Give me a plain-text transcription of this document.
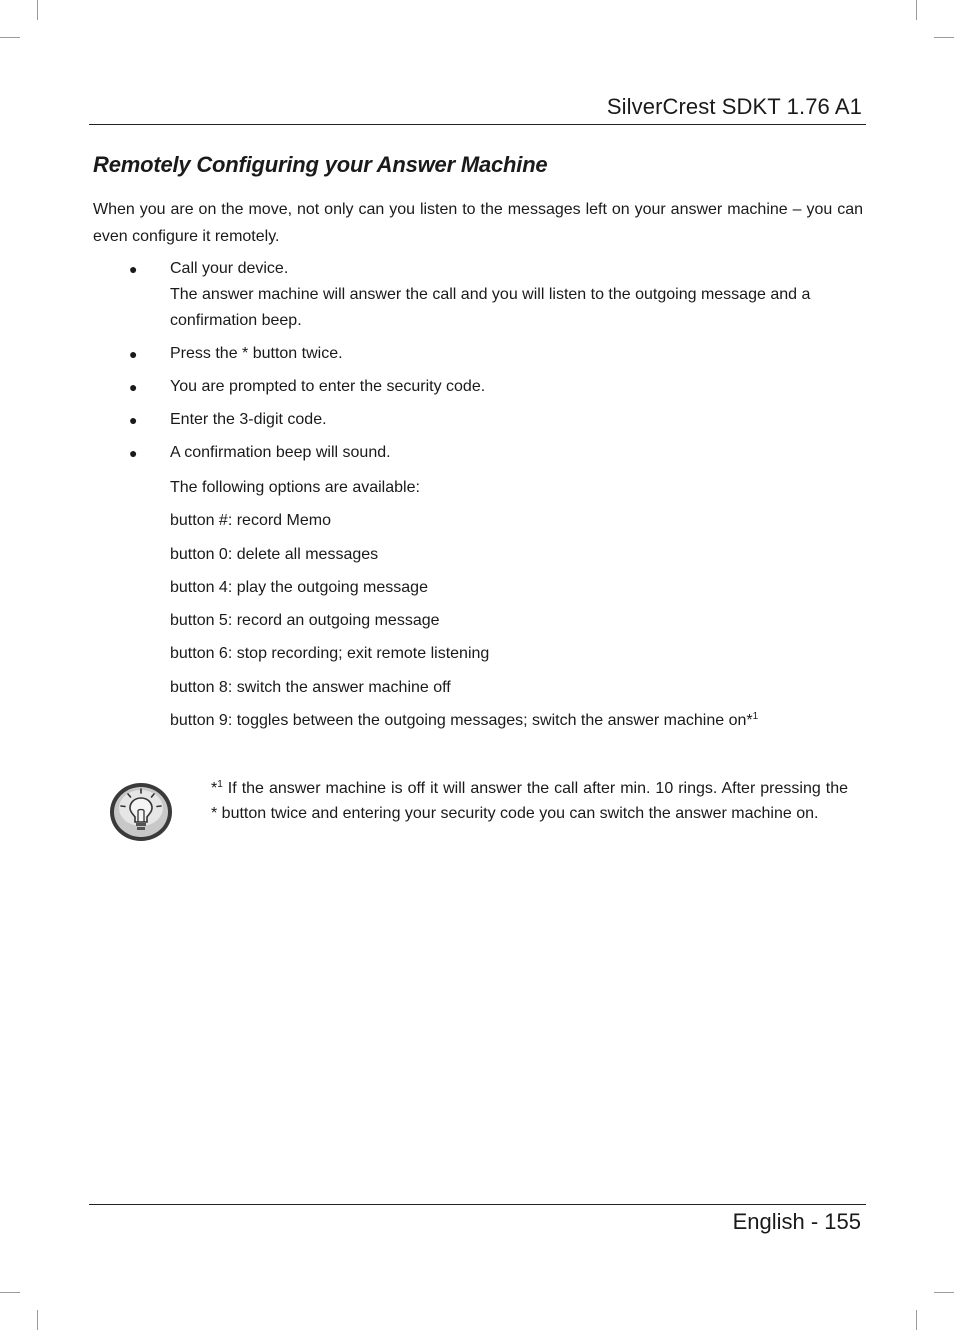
SilverCrest SDKT 1.76 A1
Remotely Configuring your Answer Machine
When you are on the move, not only can you listen to the messages left on your answer machine – you can even configure it remotely.
● Call your device.
The answer machine will answer the call and you will listen to the outgoing message and a confirmation beep.
● Press the * button twice.
● You are prompted to enter the security code.
● Enter the 3-digit code.
● A confirmation beep will sound.
The following options are available:
button #: record Memo
button 0: delete all messages
button 4: play the outgoing message
button 5: record an outgoing message
button 6: stop recording; exit remote listening
button 8: switch the answer machine off
button 9: toggles between the outgoing messages; switch the answer machine on*$^1$
*$^1$ If the answer machine is off it will answer the call after min. 10 rings. After pressing the * button twice and entering your security code you can switch the answer machine on.
English - 155
